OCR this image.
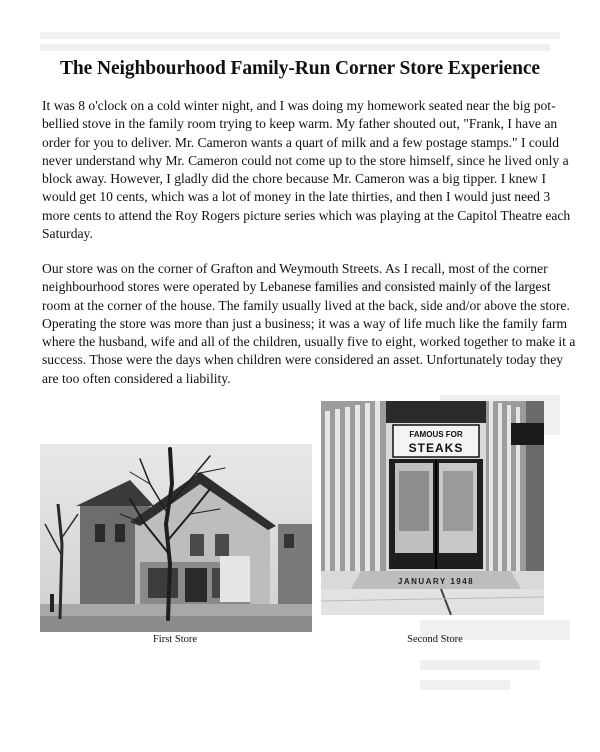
The Neighbourhood Family-Run Corner Store Experience

It was 8 o'clock on a cold winter night, and I was doing my homework seated near the big pot-bellied stove in the family room trying to keep warm. My father shouted out, "Frank, I have an order for you to deliver. Mr. Cameron wants a quart of milk and a few postage stamps." I could never understand why Mr. Cameron could not come up to the store himself, since he lived only a block away. However, I gladly did the chore because Mr. Cameron was a big tipper. I knew I would get 10 cents, which was a lot of money in the late thirties, and then I would just need 3 more cents to attend the Roy Rogers picture series which was playing at the Capitol Theatre each Saturday.

Our store was on the corner of Grafton and Weymouth Streets. As I recall, most of the corner neighbourhood stores were operated by Lebanese families and consisted mainly of the largest room at the corner of the house. The family usually lived at the back, side and/or above the store. Operating the store was more than just a business; it was a way of life much like the family farm where the husband, wife and all of the children, usually five to eight, worked together to make it a success. Those were the days when children were considered an asset. Unfortunately today they are too often considered a liability.

FAMOUS FOR
STEAKS
JANUARY 1948
First Store	Second Store
